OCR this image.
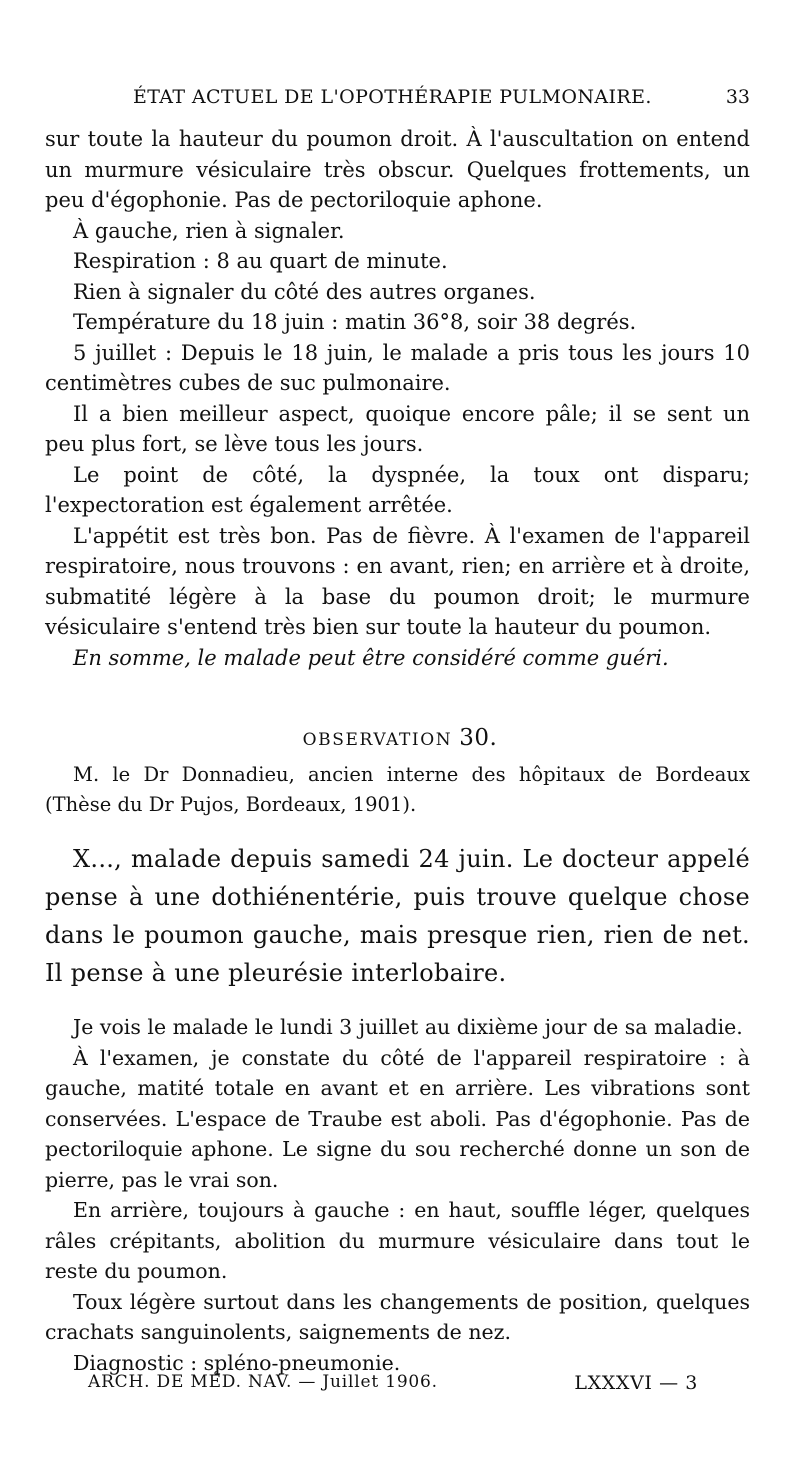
ÉTAT ACTUEL DE L'OPOTHÉRAPIE PULMONAIRE.	33

sur toute la hauteur du poumon droit. À l'auscultation on entend un murmure vésiculaire très obscur. Quelques frottements, un peu d'égophonie. Pas de pectoriloquie aphone.

À gauche, rien à signaler.

Respiration : 8 au quart de minute.

Rien à signaler du côté des autres organes.

Température du 18 juin : matin 36°8, soir 38 degrés.

5 juillet : Depuis le 18 juin, le malade a pris tous les jours 10 centimètres cubes de suc pulmonaire.

Il a bien meilleur aspect, quoique encore pâle; il se sent un peu plus fort, se lève tous les jours.

Le point de côté, la dyspnée, la toux ont disparu; l'expectoration est également arrêtée.

L'appétit est très bon. Pas de fièvre. À l'examen de l'appareil respiratoire, nous trouvons : en avant, rien; en arrière et à droite, submatité légère à la base du poumon droit; le murmure vésiculaire s'entend très bien sur toute la hauteur du poumon.

En somme, le malade peut être considéré comme guéri.

OBSERVATION 30.

M. le Dr Donnadieu, ancien interne des hôpitaux de Bordeaux (Thèse du Dr Pujos, Bordeaux, 1901).

X..., malade depuis samedi 24 juin. Le docteur appelé pense à une dothiénentérie, puis trouve quelque chose dans le poumon gauche, mais presque rien, rien de net. Il pense à une pleurésie interlobaire.

Je vois le malade le lundi 3 juillet au dixième jour de sa maladie.

À l'examen, je constate du côté de l'appareil respiratoire : à gauche, matité totale en avant et en arrière. Les vibrations sont conservées. L'espace de Traube est aboli. Pas d'égophonie. Pas de pectoriloquie aphone. Le signe du sou recherché donne un son de pierre, pas le vrai son.

En arrière, toujours à gauche : en haut, souffle léger, quelques râles crépitants, abolition du murmure vésiculaire dans tout le reste du poumon.

Toux légère surtout dans les changements de position, quelques crachats sanguinolents, saignements de nez.

Diagnostic : spléno-pneumonie.

ARCH. DE MÉD. NAV. — Juillet 1906.	LXXXVI — 3
